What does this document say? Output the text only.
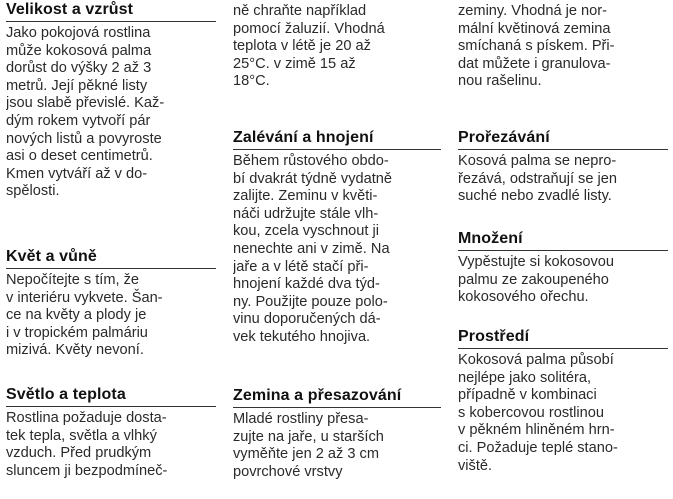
Velikost a vzrůst
Jako pokojová rostlina
může kokosová palma
dorůst do výšky 2 až 3
metrů. Její pěkné listy
jsou slabě převislé. Kaž-
dým rokem vytvoří pár
nových listů a povyroste
asi o deset centimetrů.
Kmen vytváří až v do-
spělosti.
Květ a vůně
Nepočítejte s tím, že
v interiéru vykvete. Šan-
ce na květy a plody je
i v tropickém palmáriu
mizivá. Květy nevoní.
Světlo a teplota
Rostlina požaduje dosta-
tek tepla, světla a vlhký
vzduch. Před prudkým
sluncem ji bezpodmíneč-
ně chraňte například
pomocí žaluzií. Vhodná
teplota v létě je 20 až
25°C. v zimě 15 až
18°C.
Zalévání a hnojení
Během růstového obdo-
bí dvakrát týdně vydatně
zalijte. Zeminu v květi-
náči udržujte stále vlh-
kou, zcela vyschnout ji
nenechte ani v zimě. Na
jaře a v létě stačí při-
hnojení každé dva týd-
ny. Použijte pouze polo-
vinu doporučených dá-
vek tekutého hnojiva.
Zemina a přesazování
Mladé rostliny přesa-
zujte na jaře, u starších
vyměňte jen 2 až 3 cm
povrchové vrstvy
zeminy. Vhodná je nor-
mální květinová zemina
smíchaná s pískem. Při-
dat můžete i granulova-
nou rašelinu.
Prořezávání
Kosová palma se nepro-
řezává, odstraňují se jen
suché nebo zvadlé listy.
Množení
Vypěstujte si kokosovou
palmu ze zakoupeného
kokosového ořechu.
Prostředí
Kokosová palma působí
nejlépe jako solitéra,
případně v kombinaci
s kobercovou rostlinou
v pěkném hliněném hrn-
ci. Požaduje teplé stano-
viště.
